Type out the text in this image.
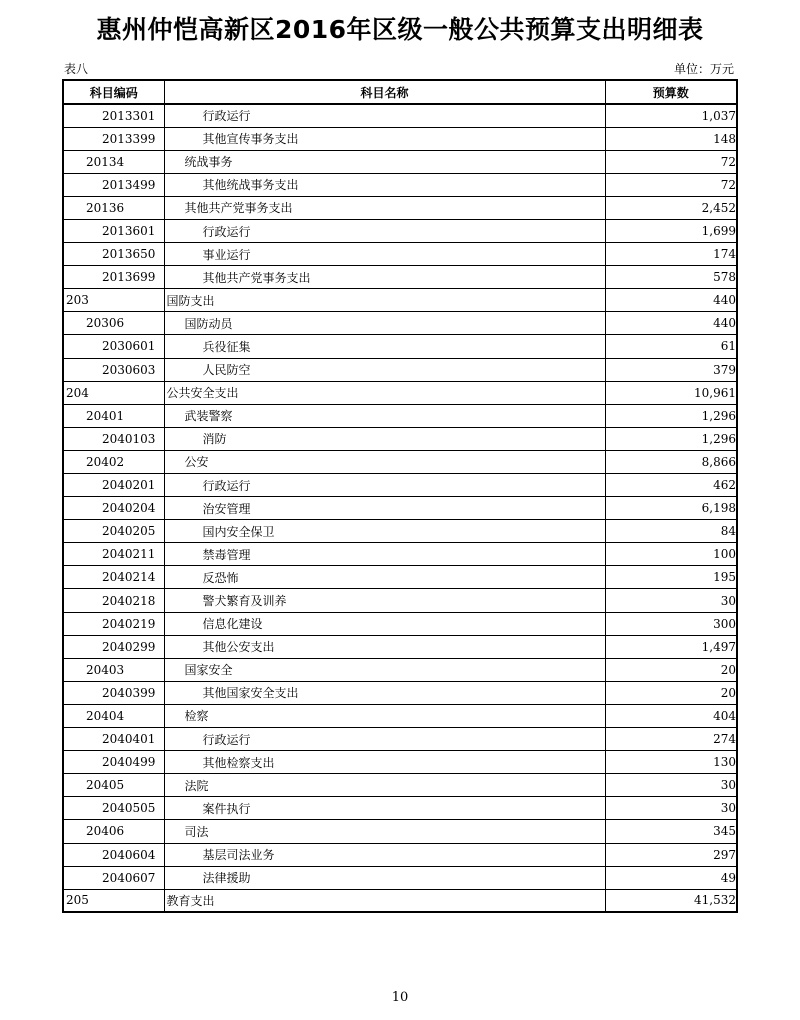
惠州仲恺高新区2016年区级一般公共预算支出明细表
表八	单位：万元
科目编码	科目名称	预算数
2013301	行政运行	1,037
2013399	其他宣传事务支出	148
20134	统战事务	72
2013499	其他统战事务支出	72
20136	其他共产党事务支出	2,452
2013601	行政运行	1,699
2013650	事业运行	174
2013699	其他共产党事务支出	578
203	国防支出	440
20306	国防动员	440
2030601	兵役征集	61
2030603	人民防空	379
204	公共安全支出	10,961
20401	武装警察	1,296
2040103	消防	1,296
20402	公安	8,866
2040201	行政运行	462
2040204	治安管理	6,198
2040205	国内安全保卫	84
2040211	禁毒管理	100
2040214	反恐怖	195
2040218	警犬繁育及训养	30
2040219	信息化建设	300
2040299	其他公安支出	1,497
20403	国家安全	20
2040399	其他国家安全支出	20
20404	检察	404
2040401	行政运行	274
2040499	其他检察支出	130
20405	法院	30
2040505	案件执行	30
20406	司法	345
2040604	基层司法业务	297
2040607	法律援助	49
205	教育支出	41,532
10
